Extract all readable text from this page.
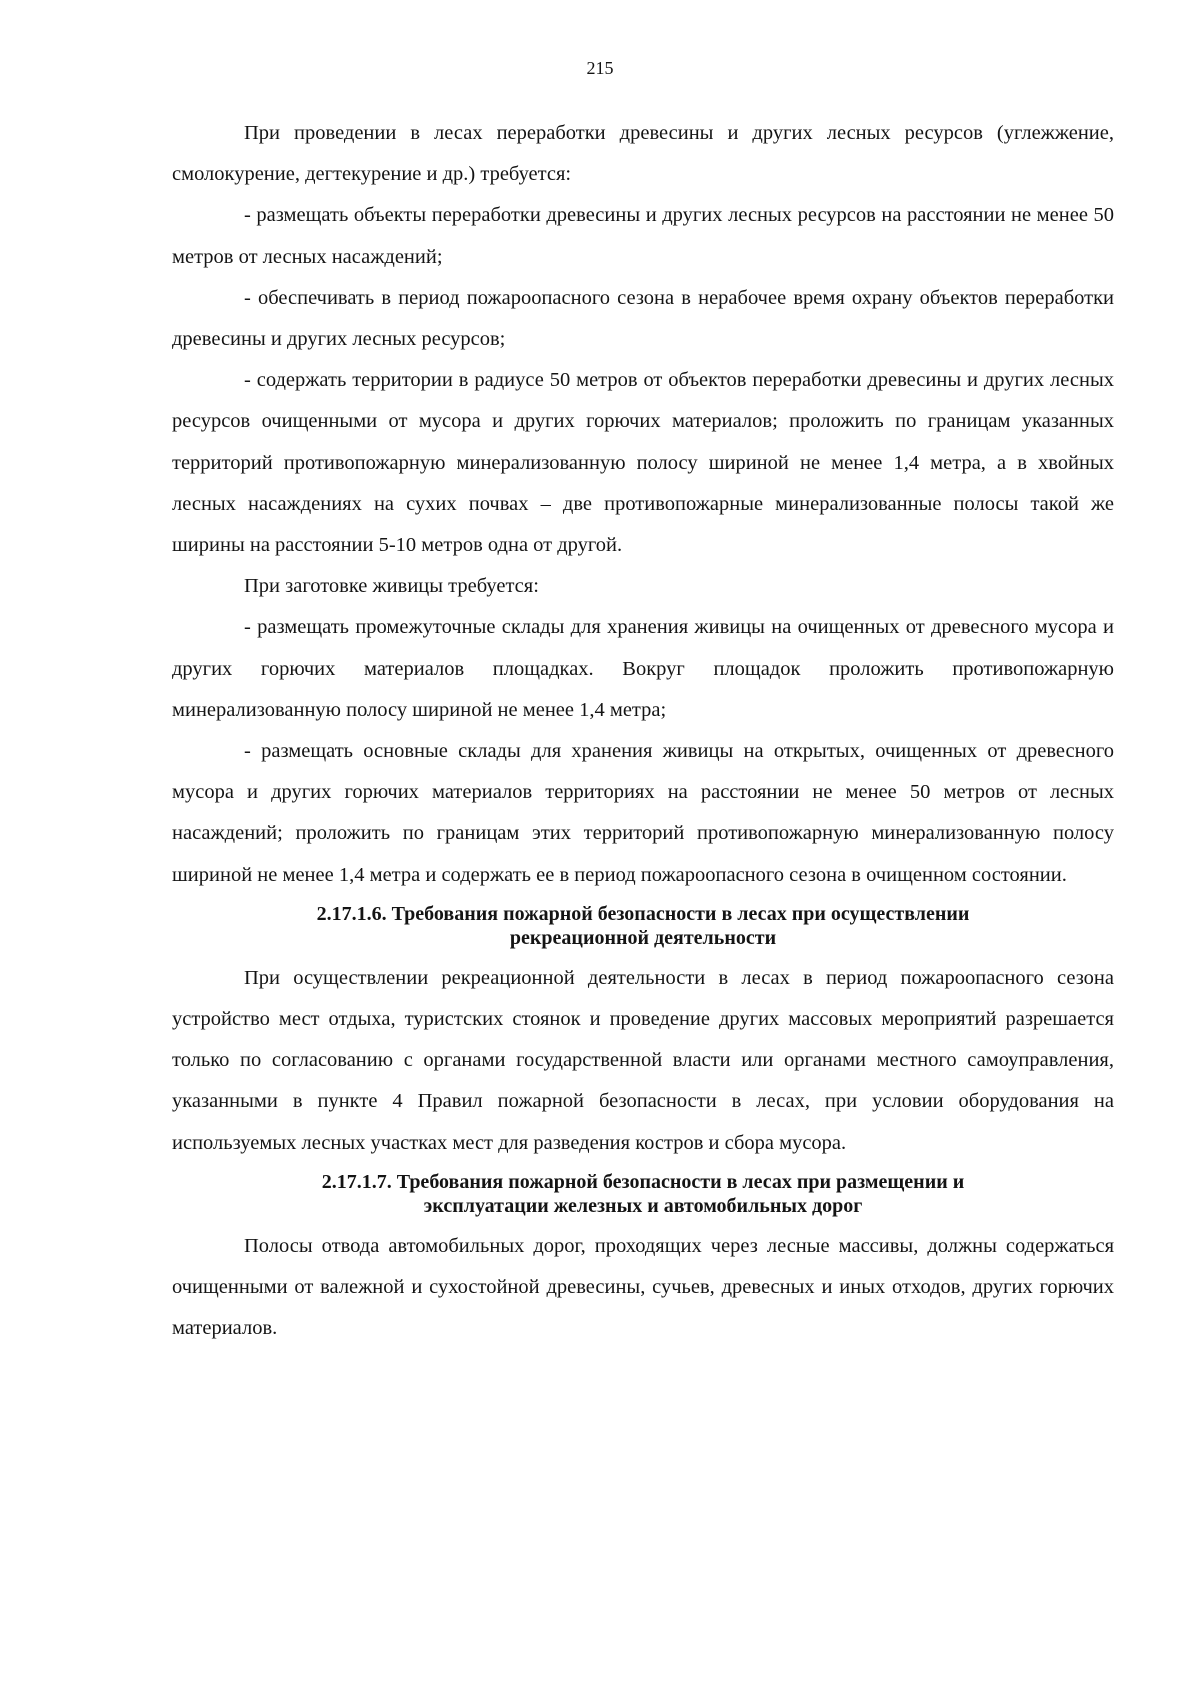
215

При проведении в лесах переработки древесины и других лесных ресурсов (углежжение, смолокурение, дегтекурение и др.) требуется:

- размещать объекты переработки древесины и других лесных ресурсов на расстоянии не менее 50 метров от лесных насаждений;

- обеспечивать в период пожароопасного сезона в нерабочее время охрану объектов переработки древесины и других лесных ресурсов;

- содержать территории в радиусе 50 метров от объектов переработки древесины и других лесных ресурсов очищенными от мусора и других горючих материалов; проложить по границам указанных территорий противопожарную минерализованную полосу шириной не менее 1,4 метра, а в хвойных лесных насаждениях на сухих почвах – две противопожарные минерализованные полосы такой же ширины на расстоянии 5-10 метров одна от другой.

При заготовке живицы требуется:

- размещать промежуточные склады для хранения живицы на очищенных от древесного мусора и других горючих материалов площадках. Вокруг площадок проложить противопожарную минерализованную полосу шириной не менее 1,4 метра;

- размещать основные склады для хранения живицы на открытых, очищенных от древесного мусора и других горючих материалов территориях на расстоянии не менее 50 метров от лесных насаждений; проложить по границам этих территорий противопожарную минерализованную полосу шириной не менее 1,4 метра и содержать ее в период пожароопасного сезона в очищенном состоянии.

2.17.1.6. Требования пожарной безопасности в лесах при осуществлении
рекреационной деятельности

При осуществлении рекреационной деятельности в лесах в период пожароопасного сезона устройство мест отдыха, туристских стоянок и проведение других массовых мероприятий разрешается только по согласованию с органами государственной власти или органами местного самоуправления, указанными в пункте 4 Правил пожарной безопасности в лесах, при условии оборудования на используемых лесных участках мест для разведения костров и сбора мусора.

2.17.1.7. Требования пожарной безопасности в лесах при размещении и
эксплуатации железных и автомобильных дорог

Полосы отвода автомобильных дорог, проходящих через лесные массивы, должны содержаться очищенными от валежной и сухостойной древесины, сучьев, древесных и иных отходов, других горючих материалов.
